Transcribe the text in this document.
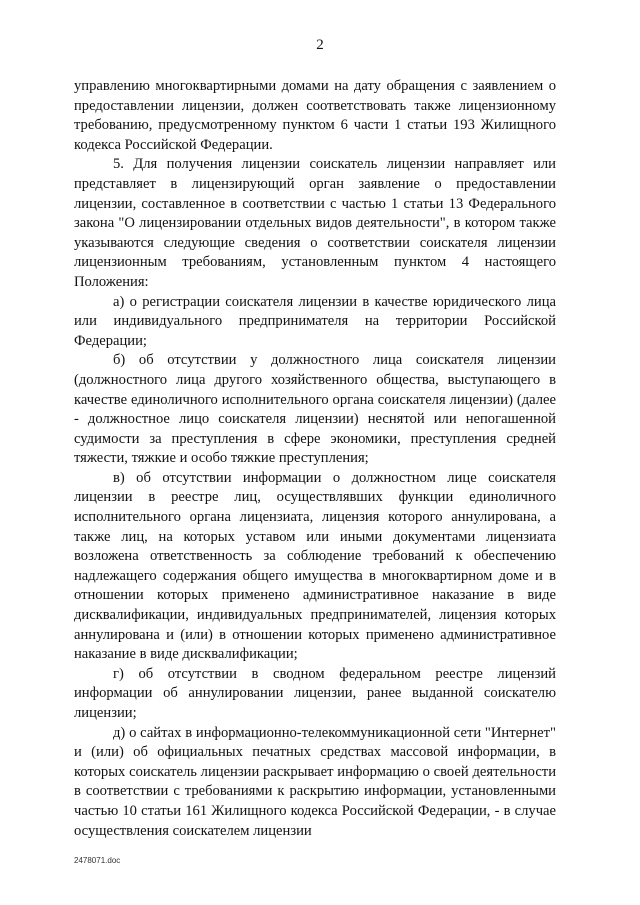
2

управлению многоквартирными домами на дату обращения с заявлением о предоставлении лицензии, должен соответствовать также лицензионному требованию, предусмотренному пунктом 6 части 1 статьи 193 Жилищного кодекса Российской Федерации.

5. Для получения лицензии соискатель лицензии направляет или представляет в лицензирующий орган заявление о предоставлении лицензии, составленное в соответствии с частью 1 статьи 13 Федерального закона "О лицензировании отдельных видов деятельности", в котором также указываются следующие сведения о соответствии соискателя лицензии лицензионным требованиям, установленным пунктом 4 настоящего Положения:

а) о регистрации соискателя лицензии в качестве юридического лица или индивидуального предпринимателя на территории Российской Федерации;

б) об отсутствии у должностного лица соискателя лицензии (должностного лица другого хозяйственного общества, выступающего в качестве единоличного исполнительного органа соискателя лицензии) (далее - должностное лицо соискателя лицензии) неснятой или непогашенной судимости за преступления в сфере экономики, преступления средней тяжести, тяжкие и особо тяжкие преступления;

в) об отсутствии информации о должностном лице соискателя лицензии в реестре лиц, осуществлявших функции единоличного исполнительного органа лицензиата, лицензия которого аннулирована, а также лиц, на которых уставом или иными документами лицензиата возложена ответственность за соблюдение требований к обеспечению надлежащего содержания общего имущества в многоквартирном доме и в отношении которых применено административное наказание в виде дисквалификации, индивидуальных предпринимателей, лицензия которых аннулирована и (или) в отношении которых применено административное наказание в виде дисквалификации;

г) об отсутствии в сводном федеральном реестре лицензий информации об аннулировании лицензии, ранее выданной соискателю лицензии;

д) о сайтах в информационно-телекоммуникационной сети "Интернет" и (или) об официальных печатных средствах массовой информации, в которых соискатель лицензии раскрывает информацию о своей деятельности в соответствии с требованиями к раскрытию информации, установленными частью 10 статьи 161 Жилищного кодекса Российской Федерации, - в случае осуществления соискателем лицензии

2478071.doc
